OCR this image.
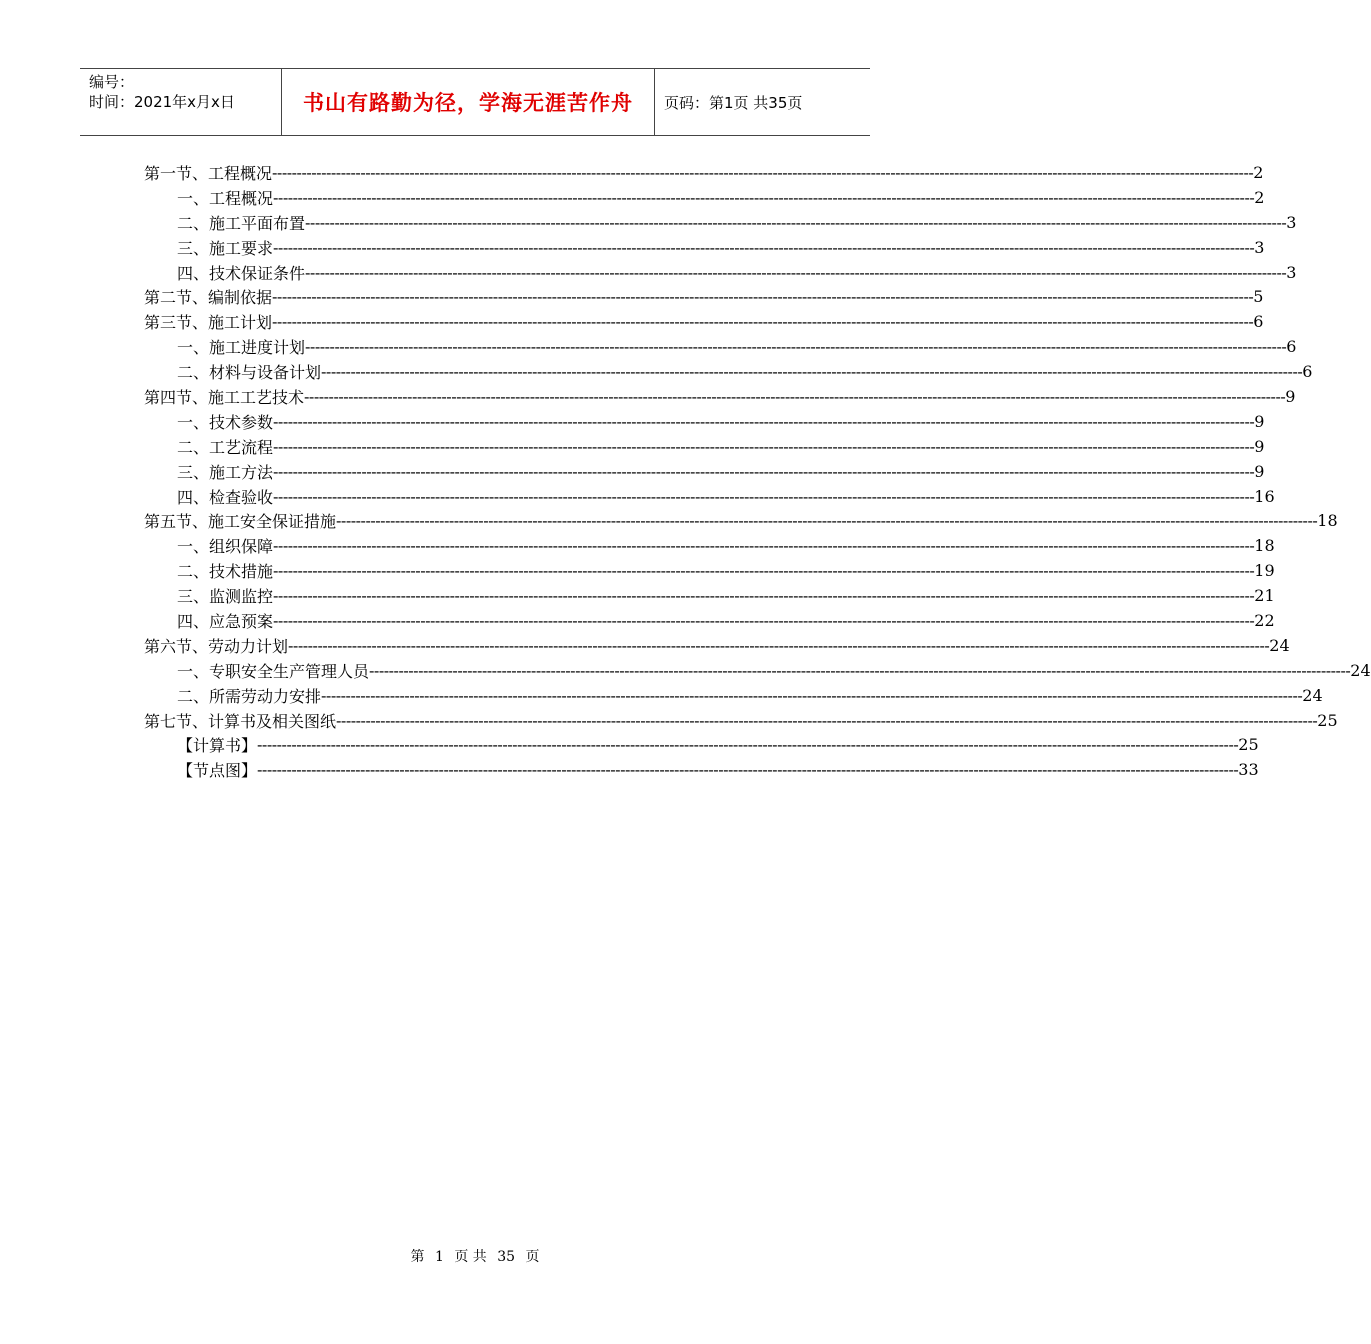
编号：
时间：2021年x月x日	书山有路勤为径，学海无涯苦作舟 页码：第1页 共35页
第一节、工程概况 -------------------------------------------------------------------------------------------------------------------------------------------------------------------------------------------------------- 2
一、工程概况 -------------------------------------------------------------------------------------------------------------------------------------------------------------------------------------------------------- 2
二、施工平面布置 -------------------------------------------------------------------------------------------------------------------------------------------------------------------------------------------------------- 3
三、施工要求 -------------------------------------------------------------------------------------------------------------------------------------------------------------------------------------------------------- 3
四、技术保证条件 -------------------------------------------------------------------------------------------------------------------------------------------------------------------------------------------------------- 3
第二节、编制依据 -------------------------------------------------------------------------------------------------------------------------------------------------------------------------------------------------------- 5
第三节、施工计划 -------------------------------------------------------------------------------------------------------------------------------------------------------------------------------------------------------- 6
一、施工进度计划 -------------------------------------------------------------------------------------------------------------------------------------------------------------------------------------------------------- 6
二、材料与设备计划 -------------------------------------------------------------------------------------------------------------------------------------------------------------------------------------------------------- 6
第四节、施工工艺技术 -------------------------------------------------------------------------------------------------------------------------------------------------------------------------------------------------------- 9
一、技术参数 -------------------------------------------------------------------------------------------------------------------------------------------------------------------------------------------------------- 9
二、工艺流程 -------------------------------------------------------------------------------------------------------------------------------------------------------------------------------------------------------- 9
三、施工方法 -------------------------------------------------------------------------------------------------------------------------------------------------------------------------------------------------------- 9
四、检查验收 -------------------------------------------------------------------------------------------------------------------------------------------------------------------------------------------------------- 16
第五节、施工安全保证措施 -------------------------------------------------------------------------------------------------------------------------------------------------------------------------------------------------------- 18
一、组织保障 -------------------------------------------------------------------------------------------------------------------------------------------------------------------------------------------------------- 18
二、技术措施 -------------------------------------------------------------------------------------------------------------------------------------------------------------------------------------------------------- 19
三、监测监控 -------------------------------------------------------------------------------------------------------------------------------------------------------------------------------------------------------- 21
四、应急预案 -------------------------------------------------------------------------------------------------------------------------------------------------------------------------------------------------------- 22
第六节、劳动力计划 -------------------------------------------------------------------------------------------------------------------------------------------------------------------------------------------------------- 24
一、专职安全生产管理人员 -------------------------------------------------------------------------------------------------------------------------------------------------------------------------------------------------------- 24
二、所需劳动力安排 -------------------------------------------------------------------------------------------------------------------------------------------------------------------------------------------------------- 24
第七节、计算书及相关图纸 -------------------------------------------------------------------------------------------------------------------------------------------------------------------------------------------------------- 25
【计算书】 -------------------------------------------------------------------------------------------------------------------------------------------------------------------------------------------------------- 25
【节点图】 -------------------------------------------------------------------------------------------------------------------------------------------------------------------------------------------------------- 33
第 1 页 共 35 页
